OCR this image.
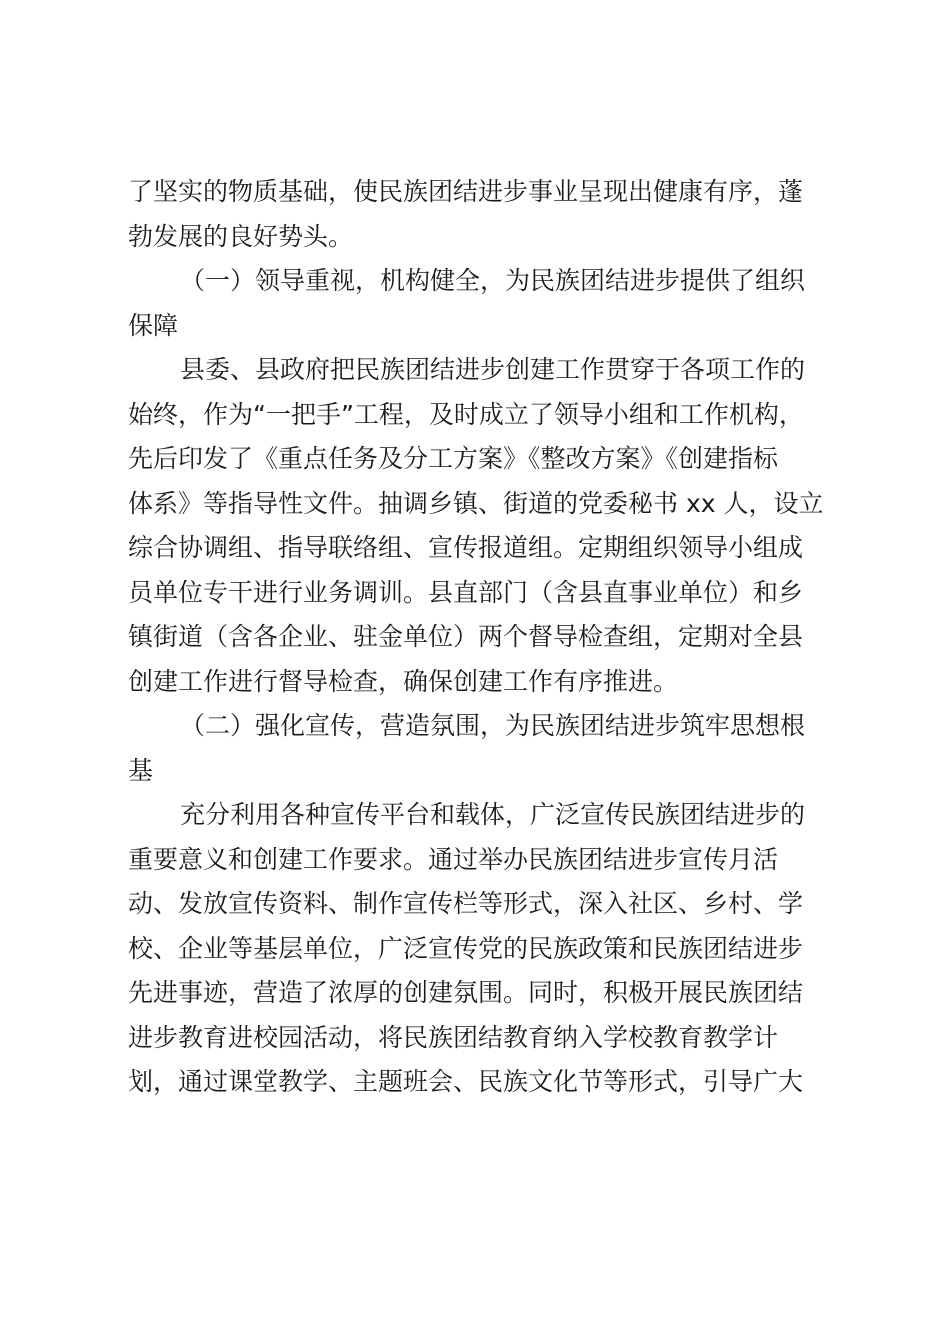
了坚实的物质基础，使民族团结进步事业呈现出健康有序，蓬
勃发展的良好势头。
（一）领导重视，机构健全，为民族团结进步提供了组织
保障
县委、县政府把民族团结进步创建工作贯穿于各项工作的
始终，作为“一把手”工程，及时成立了领导小组和工作机构，
先后印发了《重点任务及分工方案》《整改方案》《创建指标
体系》等指导性文件。抽调乡镇、街道的党委秘书 xx 人，设立
综合协调组、指导联络组、宣传报道组。定期组织领导小组成
员单位专干进行业务调训。县直部门（含县直事业单位）和乡
镇街道（含各企业、驻金单位）两个督导检查组，定期对全县
创建工作进行督导检查，确保创建工作有序推进。
（二）强化宣传，营造氛围，为民族团结进步筑牢思想根
基
充分利用各种宣传平台和载体，广泛宣传民族团结进步的
重要意义和创建工作要求。通过举办民族团结进步宣传月活
动、发放宣传资料、制作宣传栏等形式，深入社区、乡村、学
校、企业等基层单位，广泛宣传党的民族政策和民族团结进步
先进事迹，营造了浓厚的创建氛围。同时，积极开展民族团结
进步教育进校园活动，将民族团结教育纳入学校教育教学计
划，通过课堂教学、主题班会、民族文化节等形式，引导广大
